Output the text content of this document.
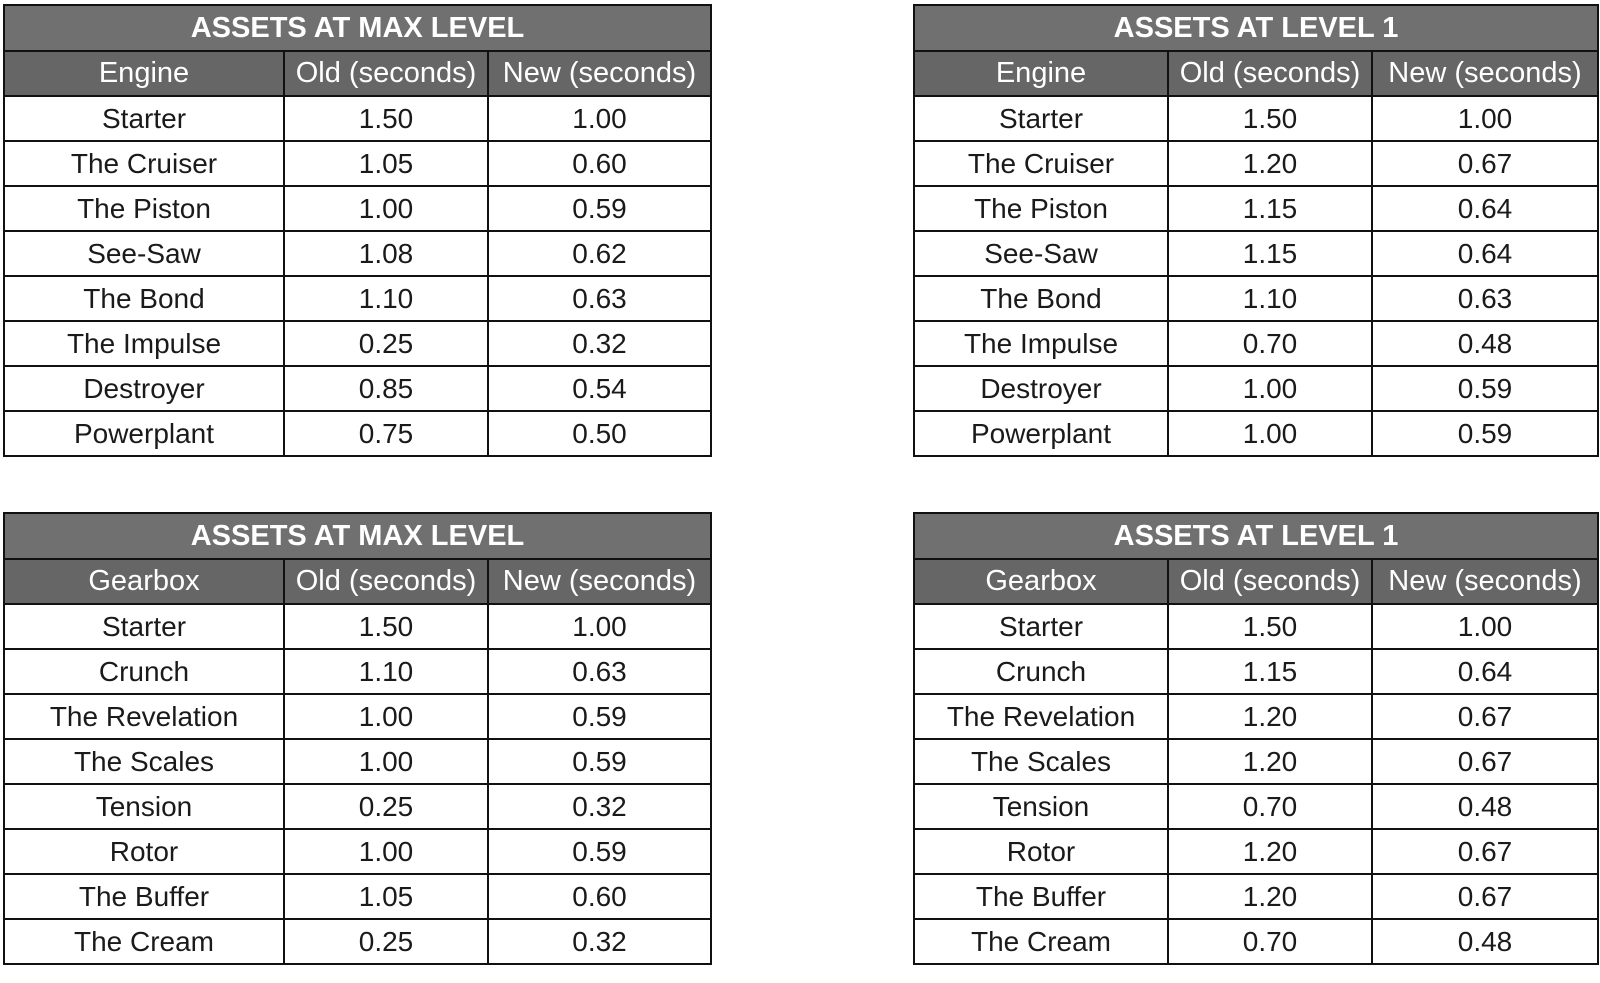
ASSETS AT MAX LEVEL		
Engine	Old (seconds)	New (seconds)
Starter	1.50	1.00
The Cruiser	1.05	0.60
The Piston	1.00	0.59
See-Saw	1.08	0.62
The Bond	1.10	0.63
The Impulse	0.25	0.32
Destroyer	0.85	0.54
Powerplant	0.75	0.50
ASSETS AT LEVEL 1		
Engine	Old (seconds)	New (seconds)
Starter	1.50	1.00
The Cruiser	1.20	0.67
The Piston	1.15	0.64
See-Saw	1.15	0.64
The Bond	1.10	0.63
The Impulse	0.70	0.48
Destroyer	1.00	0.59
Powerplant	1.00	0.59
ASSETS AT MAX LEVEL		
Gearbox	Old (seconds)	New (seconds)
Starter	1.50	1.00
Crunch	1.10	0.63
The Revelation	1.00	0.59
The Scales	1.00	0.59
Tension	0.25	0.32
Rotor	1.00	0.59
The Buffer	1.05	0.60
The Cream	0.25	0.32
ASSETS AT LEVEL 1		
Gearbox	Old (seconds)	New (seconds)
Starter	1.50	1.00
Crunch	1.15	0.64
The Revelation	1.20	0.67
The Scales	1.20	0.67
Tension	0.70	0.48
Rotor	1.20	0.67
The Buffer	1.20	0.67
The Cream	0.70	0.48
